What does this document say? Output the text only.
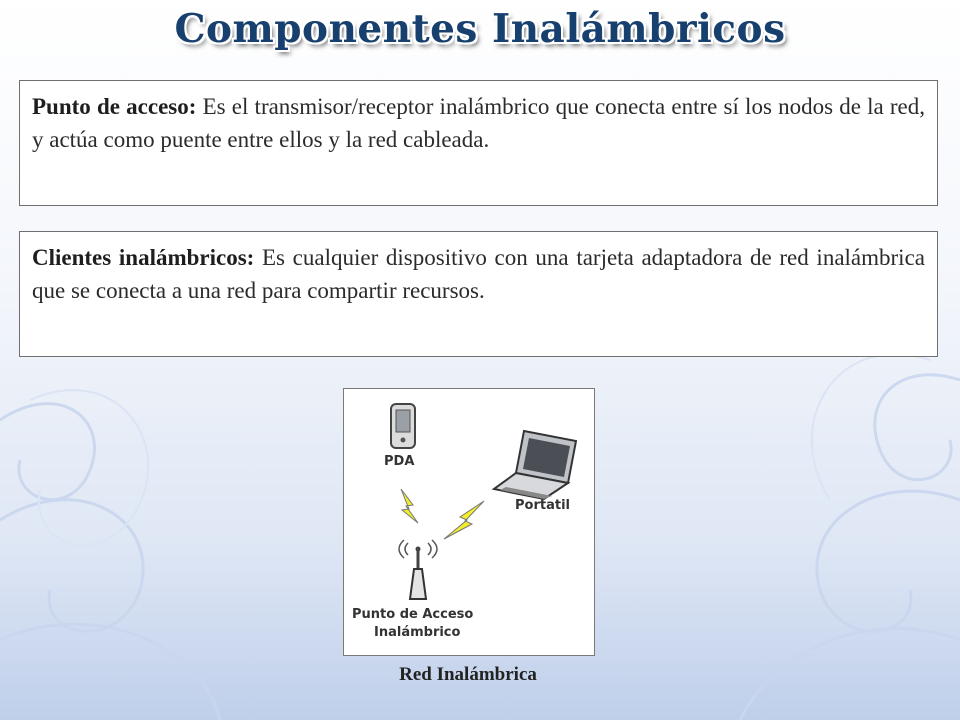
Componentes Inalámbricos
Punto de acceso: Es el transmisor/receptor inalámbrico que conecta entre sí los nodos de la red, y actúa como puente entre ellos y la red cableada.
Clientes inalámbricos: Es cualquier dispositivo con una tarjeta adaptadora de red inalámbrica que se conecta a una red para compartir recursos.
PDA
Portatil
Punto de Acceso
Inalámbrico
Red Inalámbrica
